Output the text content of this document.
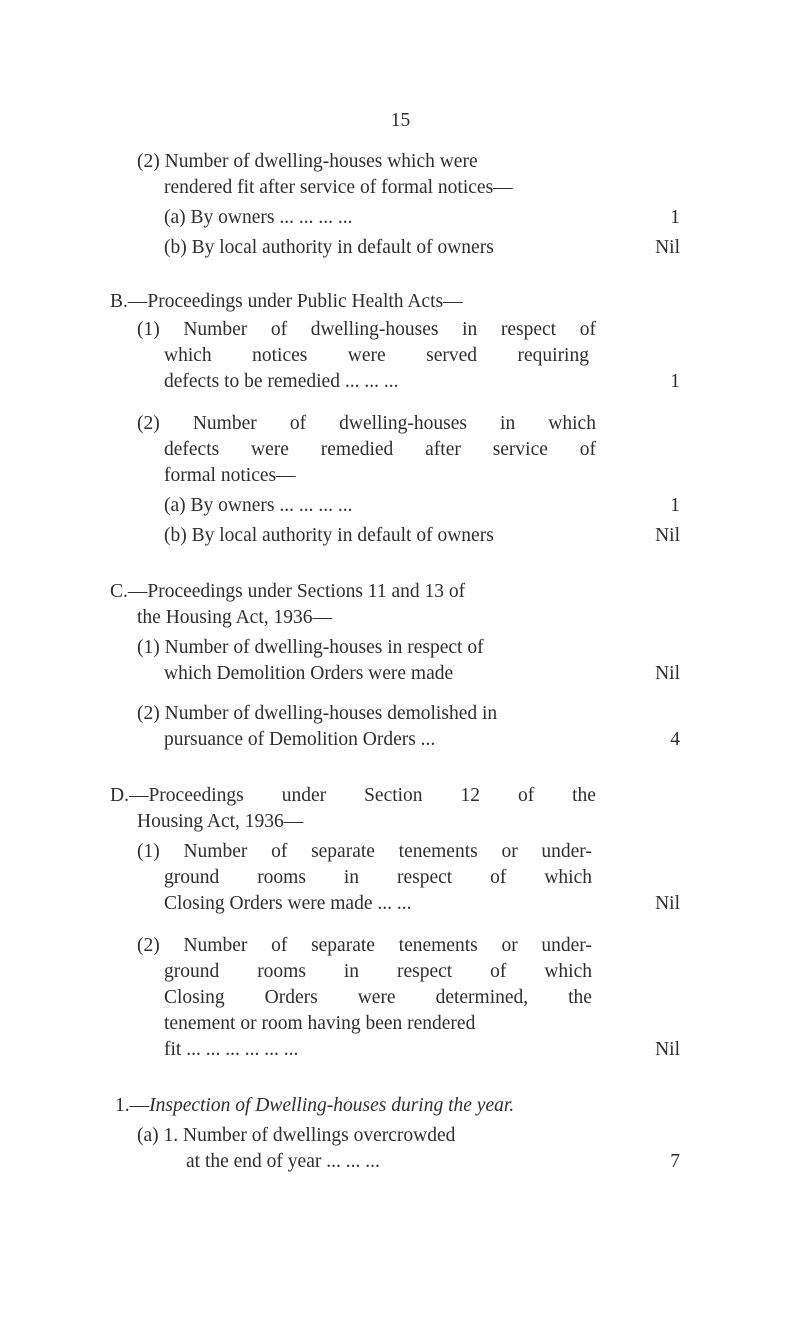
15
(2) Number of dwelling-houses which were
rendered fit after service of formal notices—
(a) By owners ... ... ... ...	1
(b) By local authority in default of owners	Nil
B.—Proceedings under Public Health Acts—
(1) Number of dwelling-houses in respect of
which notices were served requiring
defects to be remedied ... ... ...	1
(2) Number of dwelling-houses in which
defects were remedied after service of
formal notices—
(a) By owners ... ... ... ...	1
(b) By local authority in default of owners	Nil
C.—Proceedings under Sections 11 and 13 of
the Housing Act, 1936—
(1) Number of dwelling-houses in respect of
which Demolition Orders were made	Nil
(2) Number of dwelling-houses demolished in
pursuance of Demolition Orders ...	4
D.—Proceedings under Section 12 of the
Housing Act, 1936—
(1) Number of separate tenements or under-
ground rooms in respect of which
Closing Orders were made ... ...	Nil
(2) Number of separate tenements or under-
ground rooms in respect of which
Closing Orders were determined, the
tenement or room having been rendered
fit ... ... ... ... ... ...	Nil
1.—Inspection of Dwelling-houses during the year.
(a) 1. Number of dwellings overcrowded
at the end of year ... ... ...	7
